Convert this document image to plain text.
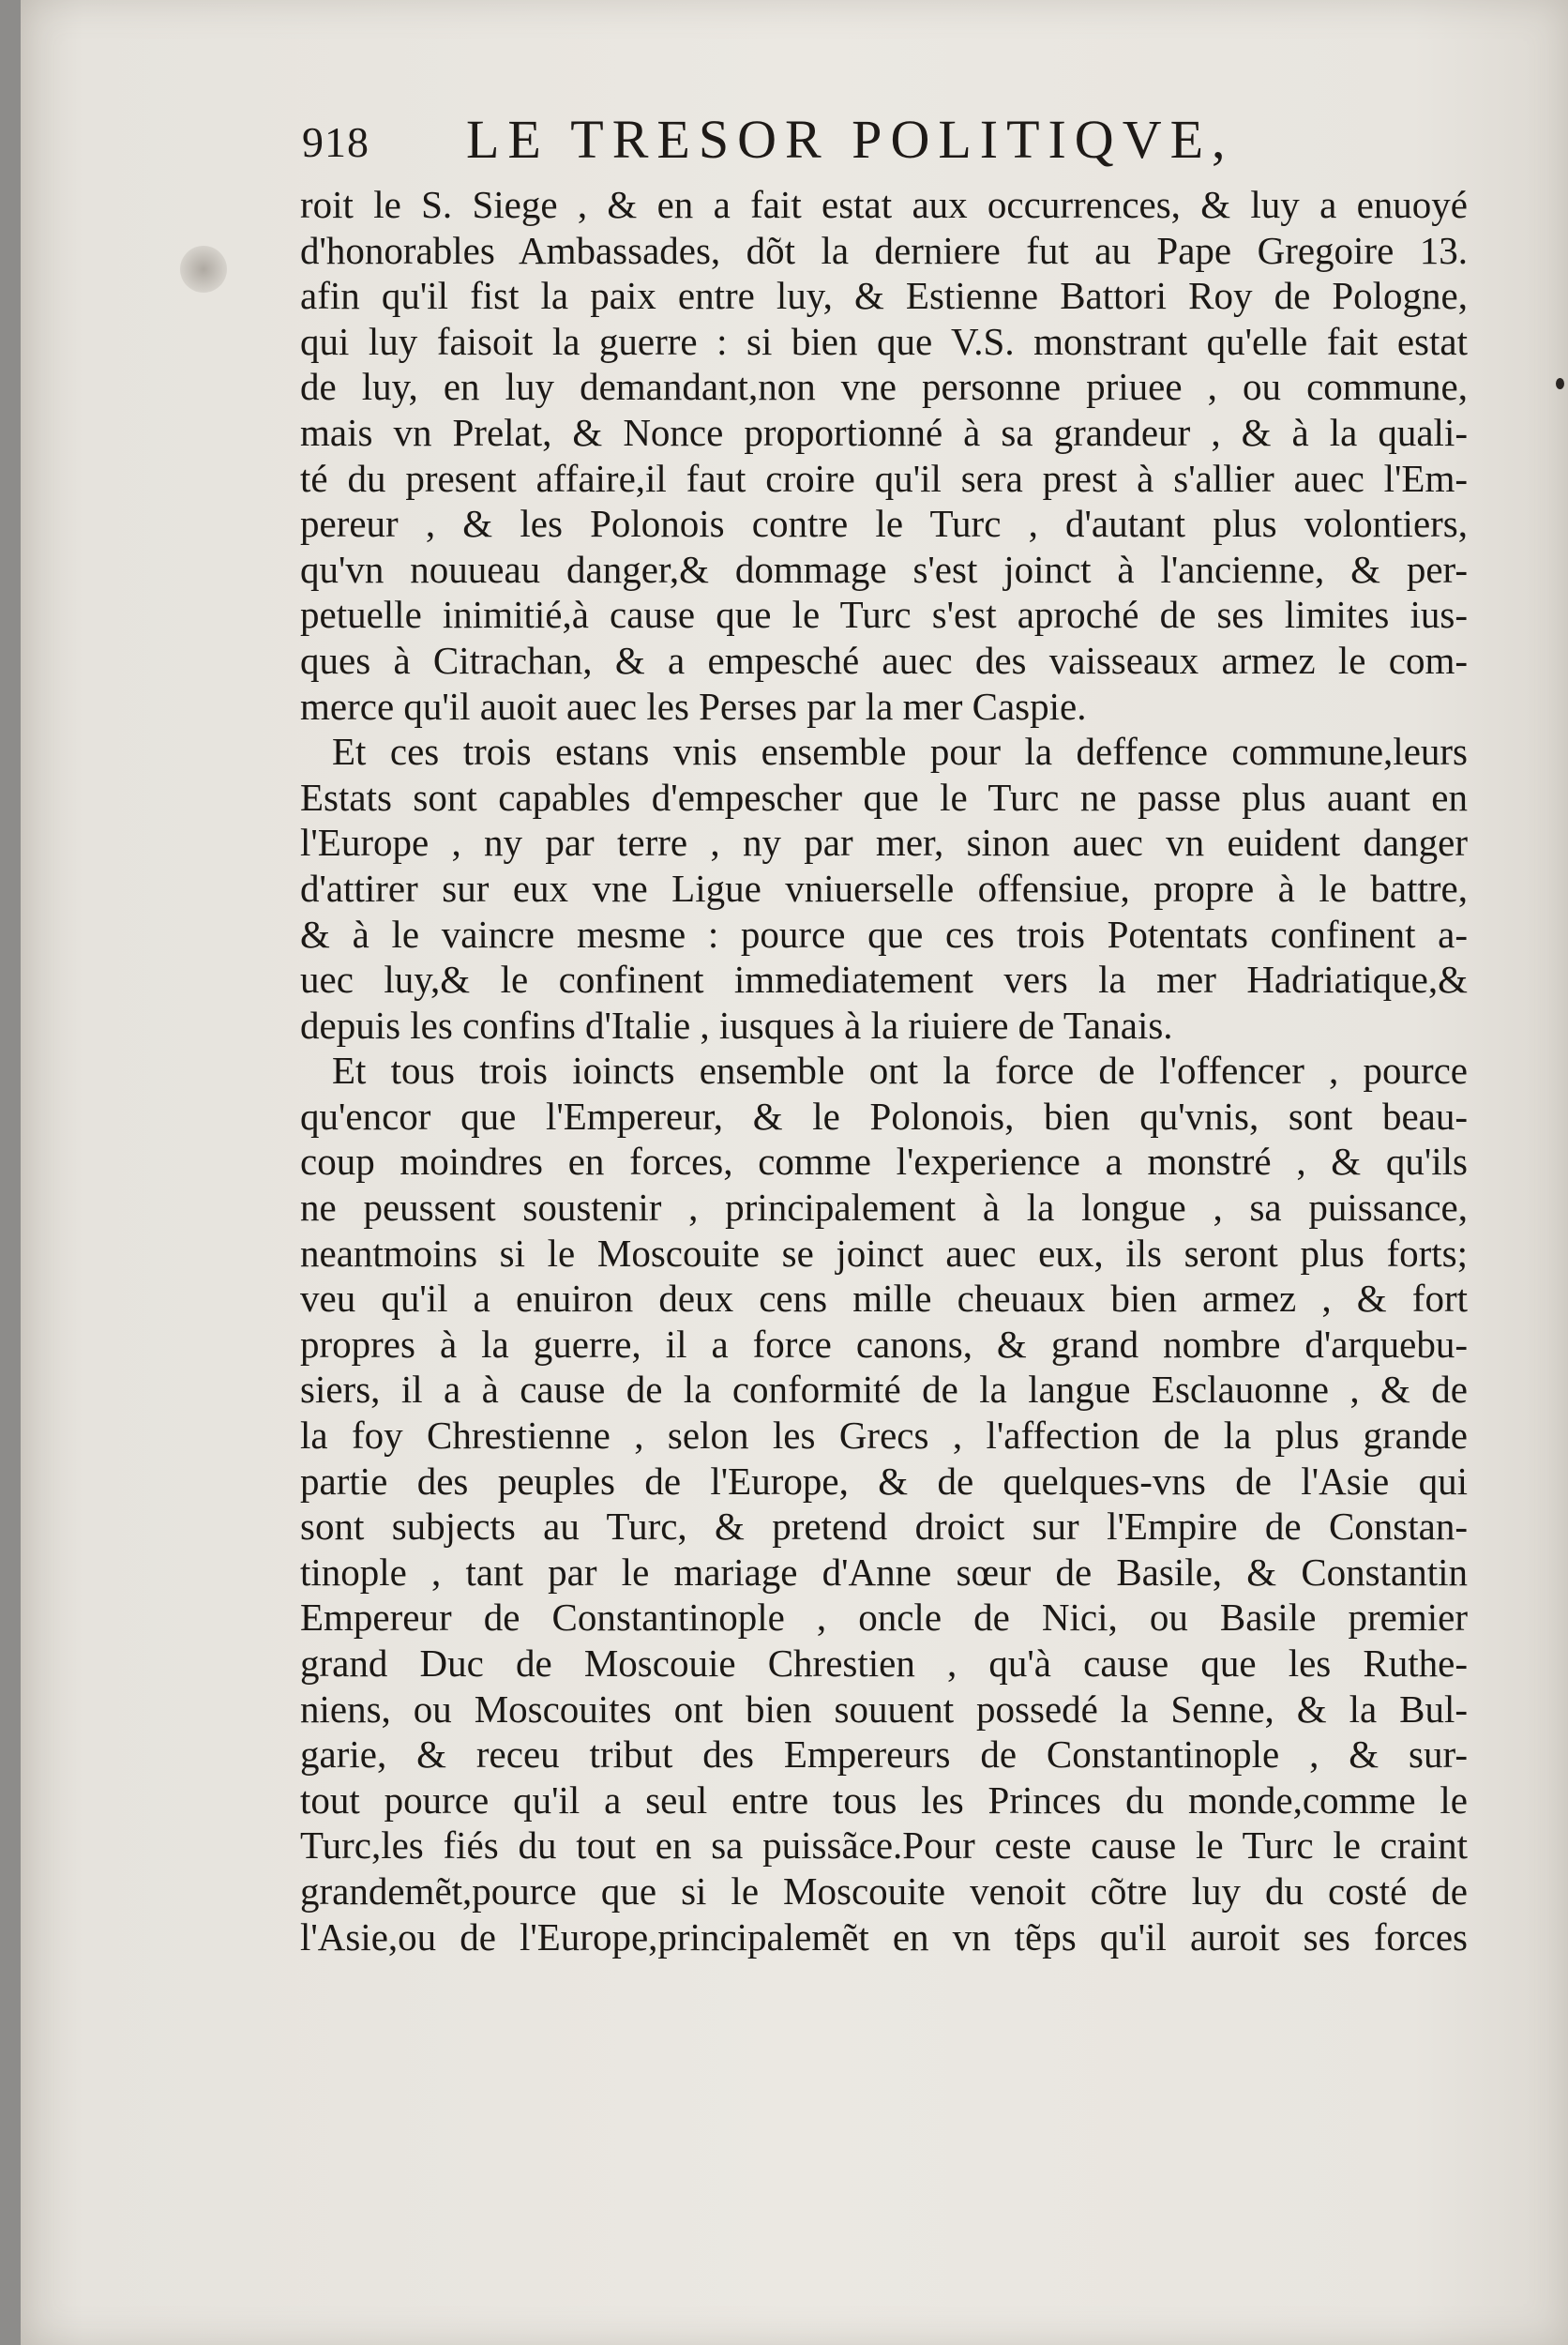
918 LE TRESOR POLITIQVE,
roit le S. Siege , & en a fait estat aux occurrences, & luy a enuoyé
d'honorables Ambassades, dõt la derniere fut au Pape Gregoire 13.
afin qu'il fist la paix entre luy, & Estienne Battori Roy de Pologne,
qui luy faisoit la guerre : si bien que V.S. monstrant qu'elle fait estat
de luy, en luy demandant,non vne personne priuee , ou commune,
mais vn Prelat, & Nonce proportionné à sa grandeur , & à la quali-
té du present affaire,il faut croire qu'il sera prest à s'allier auec l'Em-
pereur , & les Polonois contre le Turc , d'autant plus volontiers,
qu'vn nouueau danger,& dommage s'est joinct à l'ancienne, & per-
petuelle inimitié,à cause que le Turc s'est aproché de ses limites ius-
ques à Citrachan, & a empesché auec des vaisseaux armez le com-
merce qu'il auoit auec les Perses par la mer Caspie.
Et ces trois estans vnis ensemble pour la deffence commune,leurs
Estats sont capables d'empescher que le Turc ne passe plus auant en
l'Europe , ny par terre , ny par mer, sinon auec vn euident danger
d'attirer sur eux vne Ligue vniuerselle offensiue, propre à le battre,
& à le vaincre mesme : pource que ces trois Potentats confinent a-
uec luy,& le confinent immediatement vers la mer Hadriatique,&
depuis les confins d'Italie , iusques à la riuiere de Tanais.
Et tous trois ioincts ensemble ont la force de l'offencer , pource
qu'encor que l'Empereur, & le Polonois, bien qu'vnis, sont beau-
coup moindres en forces, comme l'experience a monstré , & qu'ils
ne peussent soustenir , principalement à la longue , sa puissance,
neantmoins si le Moscouite se joinct auec eux, ils seront plus forts;
veu qu'il a enuiron deux cens mille cheuaux bien armez , & fort
propres à la guerre, il a force canons, & grand nombre d'arquebu-
siers, il a à cause de la conformité de la langue Esclauonne , & de
la foy Chrestienne , selon les Grecs , l'affection de la plus grande
partie des peuples de l'Europe, & de quelques-vns de l'Asie qui
sont subjects au Turc, & pretend droict sur l'Empire de Constan-
tinople , tant par le mariage d'Anne sœur de Basile, & Constantin
Empereur de Constantinople , oncle de Nici, ou Basile premier
grand Duc de Moscouie Chrestien , qu'à cause que les Ruthe-
niens, ou Moscouites ont bien souuent possedé la Senne, & la Bul-
garie, & receu tribut des Empereurs de Constantinople , & sur-
tout pource qu'il a seul entre tous les Princes du monde,comme le
Turc,les fiés du tout en sa puissãce.Pour ceste cause le Turc le craint
grandemẽt,pource que si le Moscouite venoit cõtre luy du costé de
l'Asie,ou de l'Europe,principalemẽt en vn tẽps qu'il auroit ses forces
